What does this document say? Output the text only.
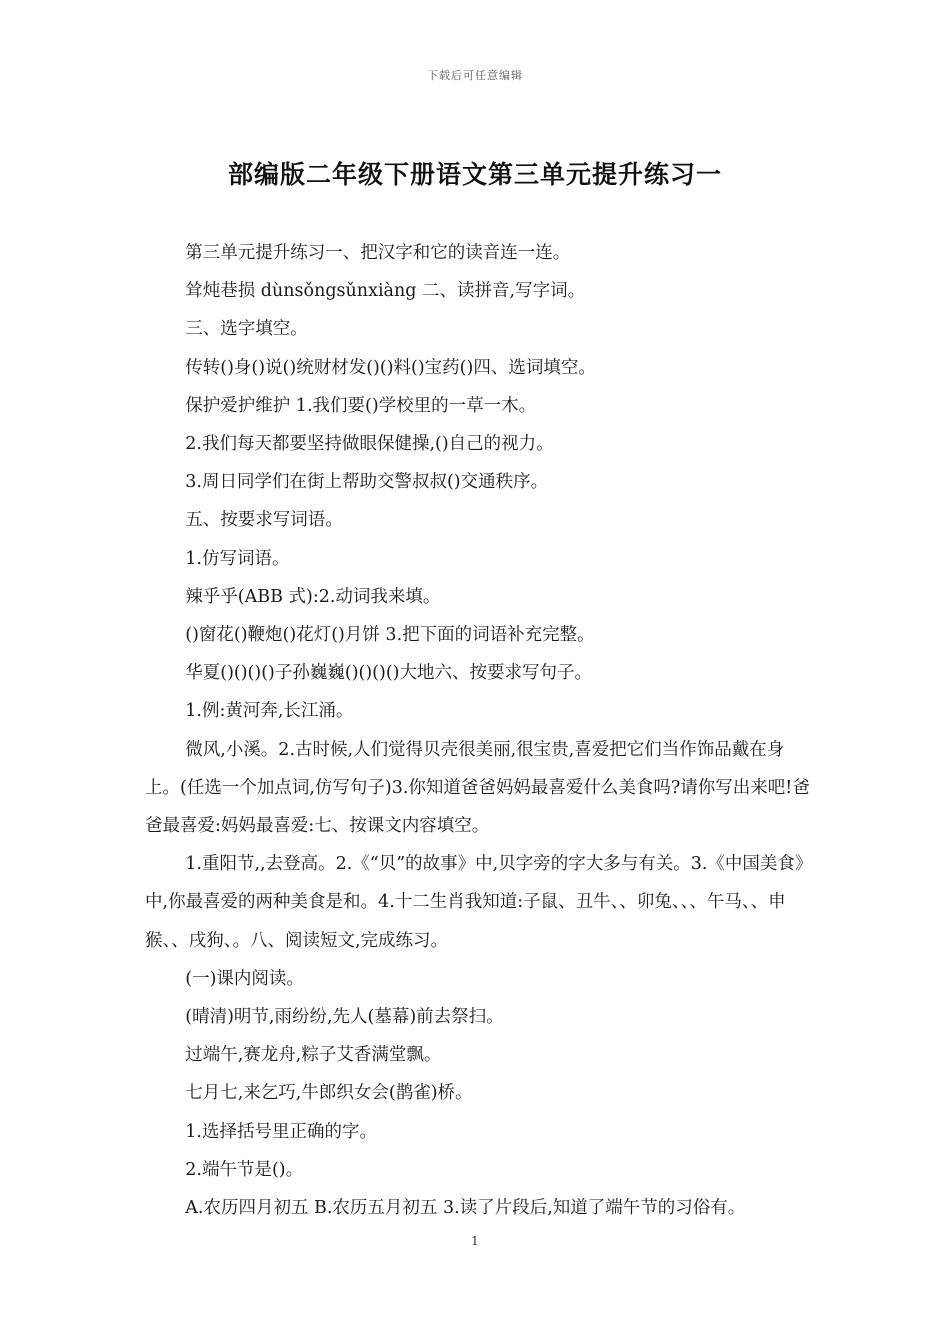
下载后可任意编辑
部编版二年级下册语文第三单元提升练习一

第三单元提升练习一、把汉字和它的读音连一连。

耸炖巷损 dùnsǒngsǔnxiàng 二、读拼音,写字词。

三、选字填空。

传转()身()说()统财材发()()料()宝药()四、选词填空。

保护爱护维护 1.我们要()学校里的一草一木。

2.我们每天都要坚持做眼保健操,()自己的视力。

3.周日同学们在街上帮助交警叔叔()交通秩序。

五、按要求写词语。

1.仿写词语。

辣乎乎(ABB 式):2.动词我来填。

()窗花()鞭炮()花灯()月饼 3.把下面的词语补充完整。

华夏()()()()子孙巍巍()()()()大地六、按要求写句子。

1.例:黄河奔,长江涌。

微风,小溪。2.古时候,人们觉得贝壳很美丽,很宝贵,喜爱把它们当作饰品戴在身上。(任选一个加点词,仿写句子)3.你知道爸爸妈妈最喜爱什么美食吗?请你写出来吧!爸爸最喜爱:妈妈最喜爱:七、按课文内容填空。

1.重阳节,,去登高。2.《“贝”的故事》中,贝字旁的字大多与有关。3.《中国美食》中,你最喜爱的两种美食是和。4.十二生肖我知道:子鼠、丑牛、、卯兔、、、午马、、申猴、、戌狗、。八、阅读短文,完成练习。

(一)课内阅读。

(晴清)明节,雨纷纷,先人(墓幕)前去祭扫。

过端午,赛龙舟,粽子艾香满堂飘。

七月七,来乞巧,牛郎织女会(鹊雀)桥。

1.选择括号里正确的字。

2.端午节是()。

A.农历四月初五 B.农历五月初五 3.读了片段后,知道了端午节的习俗有。

1
